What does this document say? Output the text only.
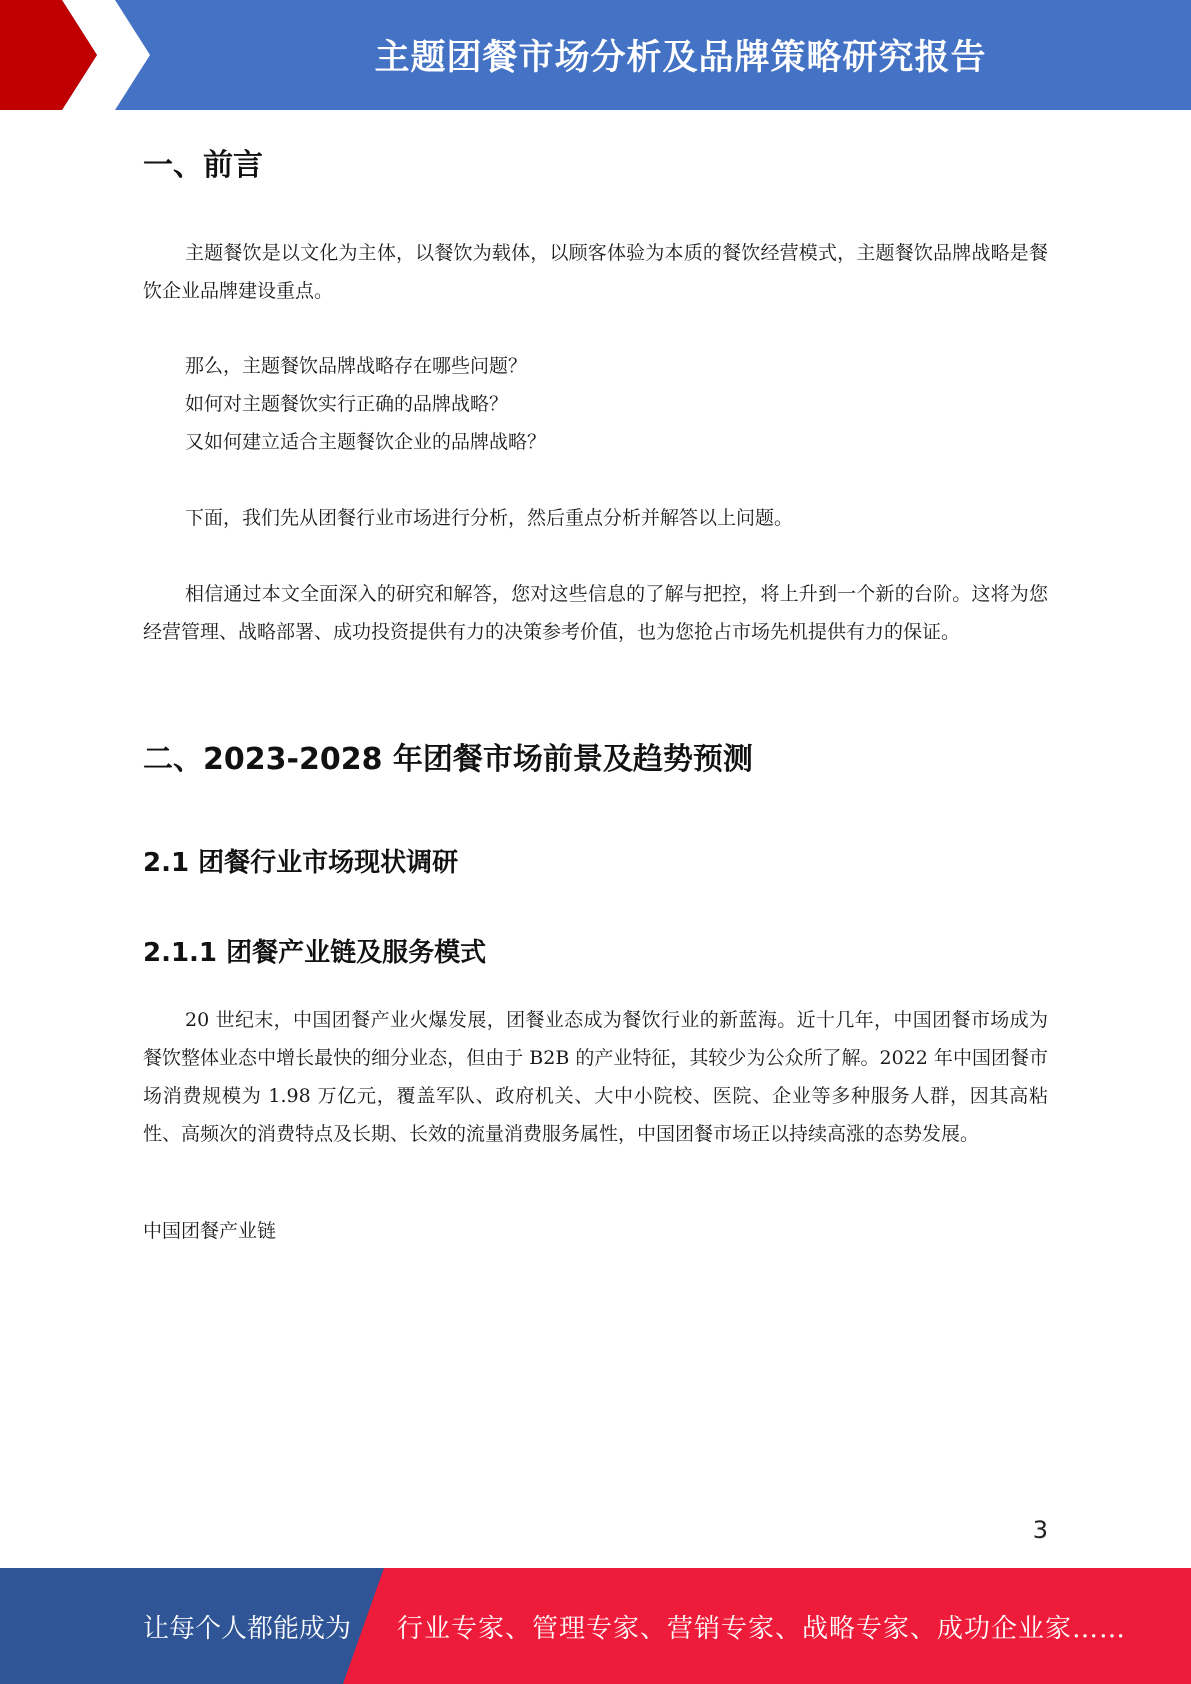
主题团餐市场分析及品牌策略研究报告
一、前言

主题餐饮是以文化为主体，以餐饮为载体，以顾客体验为本质的餐饮经营模式，主题餐饮品牌战略是餐饮企业品牌建设重点。

那么，主题餐饮品牌战略存在哪些问题？

如何对主题餐饮实行正确的品牌战略？

又如何建立适合主题餐饮企业的品牌战略？

下面，我们先从团餐行业市场进行分析，然后重点分析并解答以上问题。

相信通过本文全面深入的研究和解答，您对这些信息的了解与把控，将上升到一个新的台阶。这将为您经营管理、战略部署、成功投资提供有力的决策参考价值，也为您抢占市场先机提供有力的保证。

二、2023-2028 年团餐市场前景及趋势预测
2.1 团餐行业市场现状调研
2.1.1 团餐产业链及服务模式

20 世纪末，中国团餐产业火爆发展，团餐业态成为餐饮行业的新蓝海。近十几年，中国团餐市场成为餐饮整体业态中增长最快的细分业态，但由于 B2B 的产业特征，其较少为公众所了解。2022 年中国团餐市场消费规模为 1.98 万亿元，覆盖军队、政府机关、大中小院校、医院、企业等多种服务人群，因其高粘性、高频次的消费特点及长期、长效的流量消费服务属性，中国团餐市场正以持续高涨的态势发展。

中国团餐产业链

3
让每个人都能成为 行业专家、管理专家、营销专家、战略专家、成功企业家……
